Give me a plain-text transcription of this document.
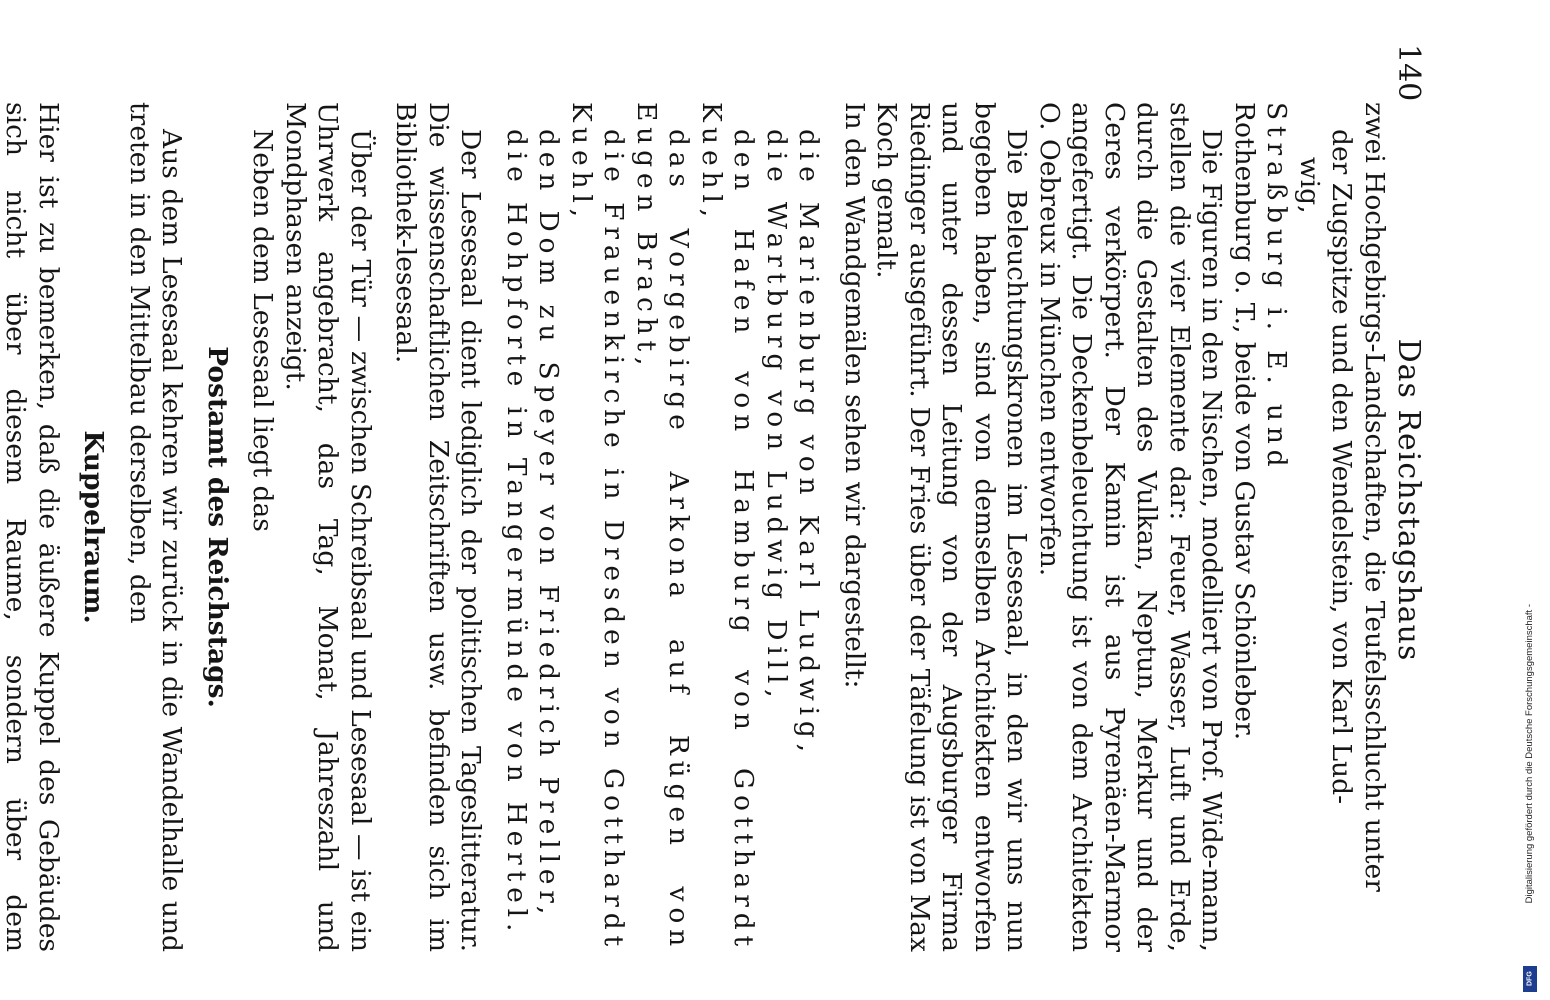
140
Das Reichstagshaus

zwei Hochgebirgs-Landschaften, die Teufelsschlucht unter

der Zugspitze und den Wendelstein, von Karl Lud-

wig,

Straßburg i. E. und

Rothenburg o. T., beide von Gustav Schönleber.

Die Figuren in den Nischen, modelliert von Prof. Wide-mann, stellen die vier Elemente dar: Feuer, Wasser, Luft und Erde, durch die Gestalten des Vulkan, Neptun, Merkur und der Ceres verkörpert. Der Kamin ist aus Pyrenäen-Marmor angefertigt. Die Deckenbeleuchtung ist von dem Architekten O. Oebreux in München entworfen.

Die Beleuchtungskronen im Lesesaal, in den wir uns nun begeben haben, sind von demselben Architekten entworfen und unter dessen Leitung von der Augsburger Firma Riedinger ausgeführt. Der Fries über der Täfelung ist von Max Koch gemalt.

In den Wandgemälen sehen wir dargestellt:

die Marienburg von Karl Ludwig,

die Wartburg von Ludwig Dill,

den Hafen von Hamburg von Gotthardt Kuehl,

das Vorgebirge Arkona auf Rügen von Eugen Bracht,

die Frauenkirche in Dresden von Gotthardt Kuehl,

den Dom zu Speyer von Friedrich Preller,

die Hohpforte in Tangermünde von Hertel.

Der Lesesaal dient lediglich der politischen Tageslitteratur. Die wissenschaftlichen Zeitschriften usw. befinden sich im Bibliothek-lesesaal.

Über der Tür — zwischen Schreibsaal und Lesesaal — ist ein Uhrwerk angebracht, das Tag, Monat, Jahreszahl und Mondphasen anzeigt.

Neben dem Lesesaal liegt das

Postamt des Reichstags.

Aus dem Lesesaal kehren wir zurück in die Wandelhalle und treten in den Mittelbau derselben, den

Kuppelraum.

Hier ist zu bemerken, daß die äußere Kuppel des Gebäudes sich nicht über diesem Raume, sondern über dem

Digitalisierung gefördert durch die Deutsche Forschungsgemeinschaft -
DFG
